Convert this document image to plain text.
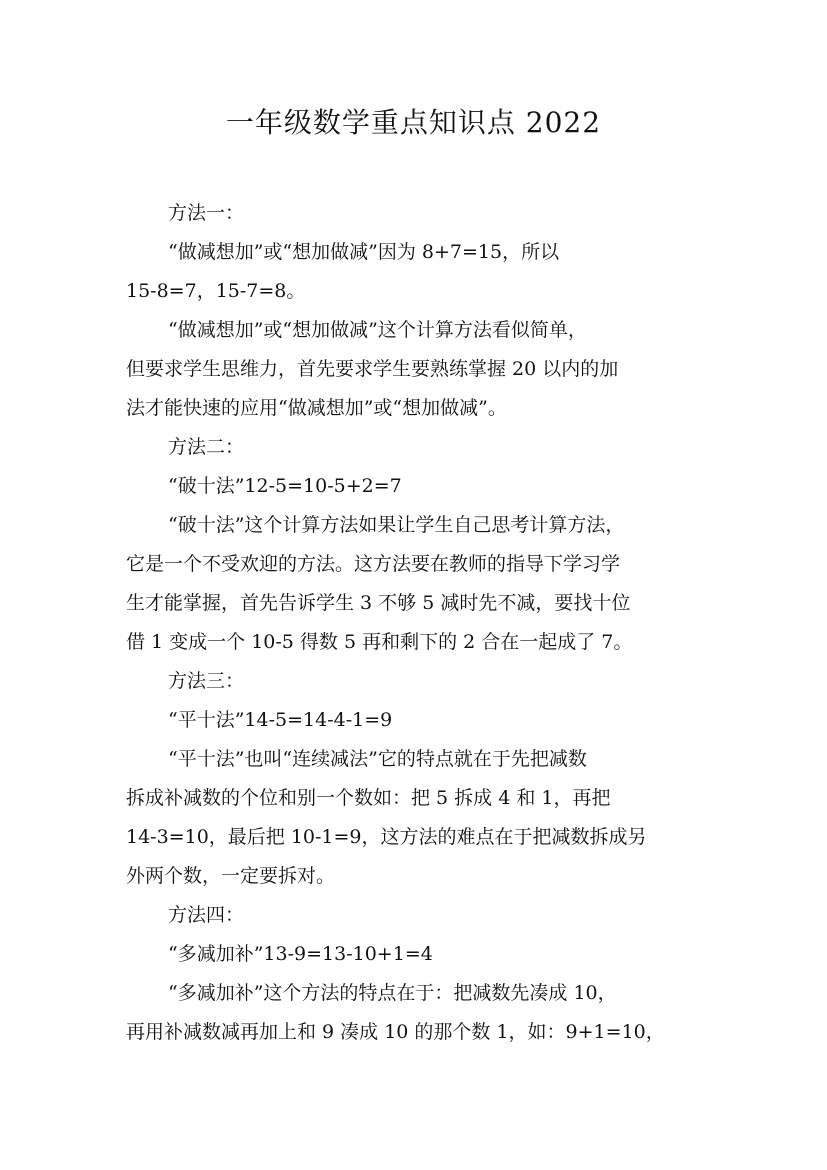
一年级数学重点知识点 2022
方法一：
“做减想加”或“想加做减”因为 8+7=15，所以
15-8=7，15-7=8。
“做减想加”或“想加做减”这个计算方法看似简单，
但要求学生思维力，首先要求学生要熟练掌握 20 以内的加
法才能快速的应用“做减想加”或“想加做减”。
方法二：
“破十法”12-5=10-5+2=7
“破十法”这个计算方法如果让学生自己思考计算方法，
它是一个不受欢迎的方法。这方法要在教师的指导下学习学
生才能掌握，首先告诉学生 3 不够 5 减时先不减，要找十位
借 1 变成一个 10-5 得数 5 再和剩下的 2 合在一起成了 7。
方法三：
“平十法”14-5=14-4-1=9
“平十法”也叫“连续减法”它的特点就在于先把减数
拆成补减数的个位和别一个数如：把 5 拆成 4 和 1，再把
14-3=10，最后把 10-1=9，这方法的难点在于把减数拆成另
外两个数，一定要拆对。
方法四：
“多减加补”13-9=13-10+1=4
“多减加补”这个方法的特点在于：把减数先凑成 10，
再用补减数减再加上和 9 凑成 10 的那个数 1，如：9+1=10，
